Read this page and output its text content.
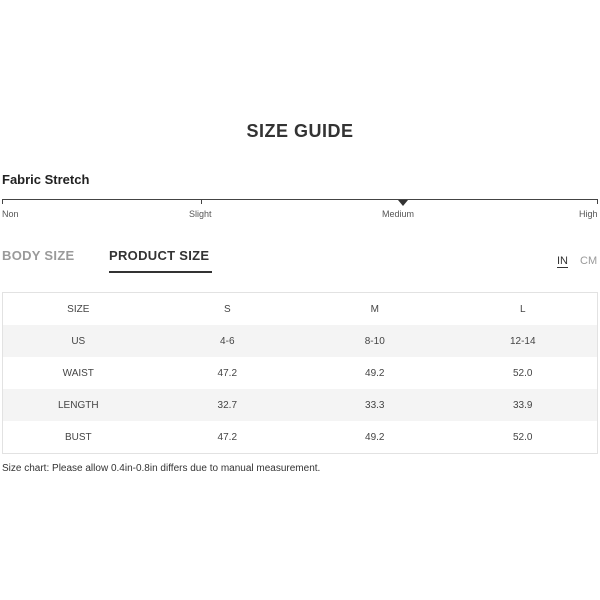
SIZE GUIDE
Fabric Stretch
Non	Slight	Medium	High
BODY SIZE	PRODUCT SIZE	IN CM
SIZE	S	M	L
US	4-6	8-10	12-14
WAIST	47.2	49.2	52.0
LENGTH	32.7	33.3	33.9
BUST	47.2	49.2	52.0
Size chart: Please allow 0.4in-0.8in differs due to manual measurement.
